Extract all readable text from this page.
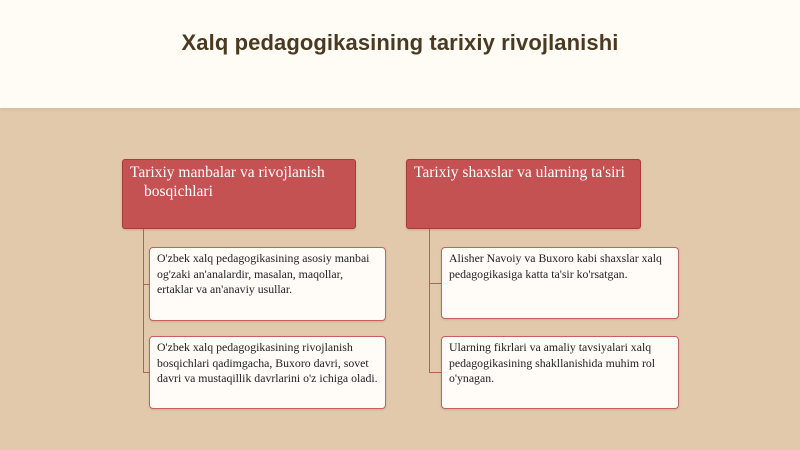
Xalq pedagogikasining tarixiy rivojlanishi
Tarixiy manbalar va rivojlanish
bosqichlari
O'zbek xalq pedagogikasining asosiy manbai og'zaki an'analardir, masalan, maqollar, ertaklar va an'anaviy usullar.
O'zbek xalq pedagogikasining rivojlanish bosqichlari qadimgacha, Buxoro davri, sovet davri va mustaqillik davrlarini o'z ichiga oladi.
Tarixiy shaxslar va ularning ta'siri
Alisher Navoiy va Buxoro kabi shaxslar xalq pedagogikasiga katta ta'sir ko'rsatgan.
Ularning fikrlari va amaliy tavsiyalari xalq pedagogikasining shakllanishida muhim rol o'ynagan.
